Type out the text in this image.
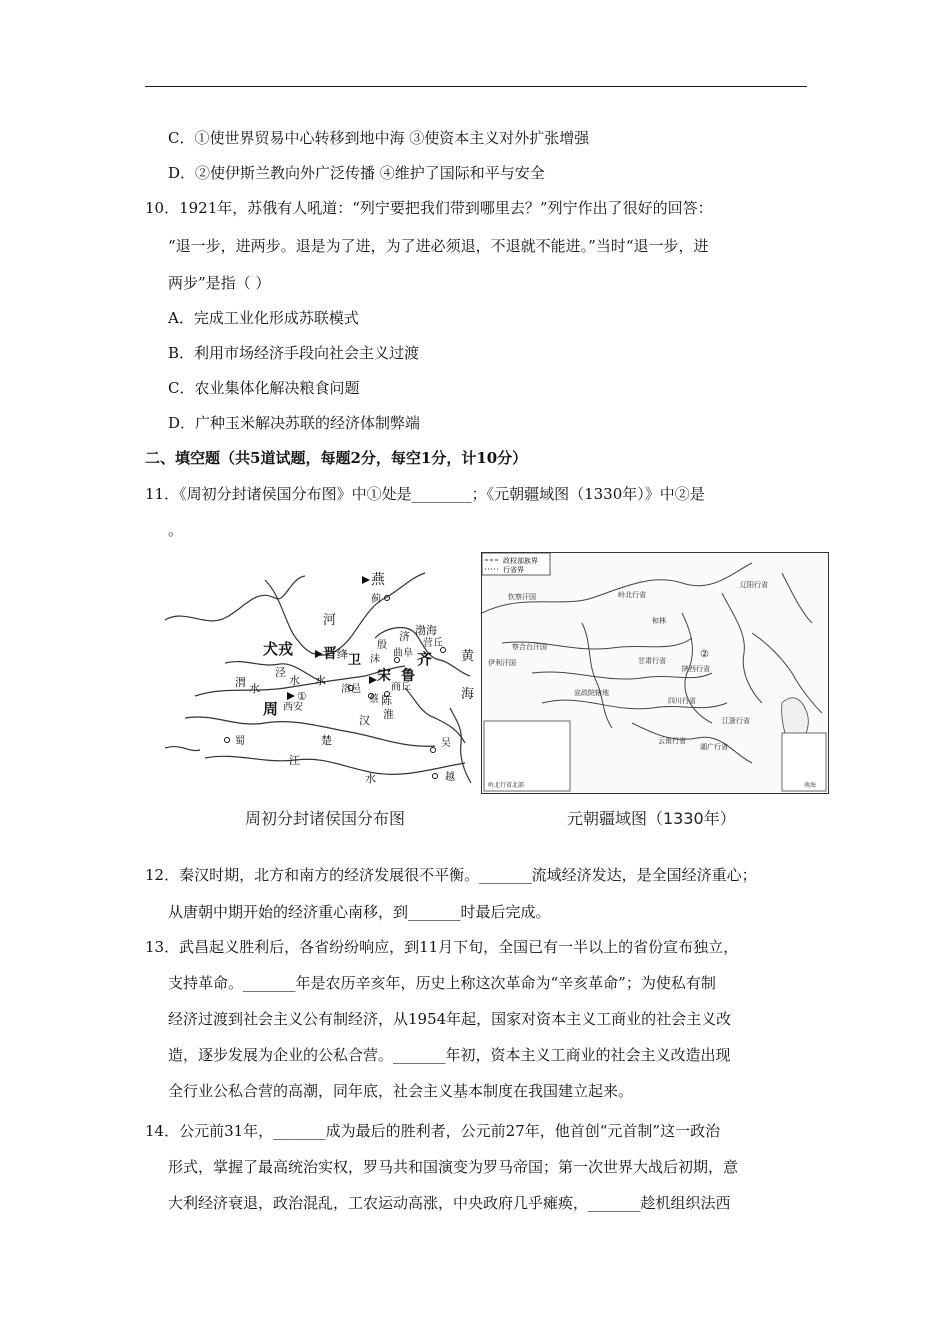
C．①使世界贸易中心转移到地中海 ③使资本主义对外扩张增强
D．②使伊斯兰教向外广泛传播 ④维护了国际和平与安全
10．1921年，苏俄有人吼道：“列宁要把我们带到哪里去？”列宁作出了很好的回答：
“退一步，进两步。退是为了进，为了进必须退，不退就不能进。”当时“退一步，进
两步”是指（ ）
A．完成工业化形成苏联模式
B．利用市场经济手段向社会主义过渡
C．农业集体化解决粮食问题
D．广种玉米解决苏联的经济体制弊端
二、填空题（共5道试题，每题2分，每空1分，计10分）
11．《周初分封诸侯国分布图》中①处是________；《元朝疆域图（1330年）》中②是
。
燕
蓟
渤海
河
犬戎 晋 卫
殷
济
齐
营丘
泾
水
渭 水
水
绛 沬
曲阜
鲁
宋
黄
海
周 西安
洛邑
蔡
商丘
陈
淮
汉
楚
蜀
江
水
吴
越
①
政权部族界
行省界
钦察汗国	岭北行省
和林
察合台汗国
伊利汗国	甘肃行省
陕西行省
宣政院辖地
四川行省
云南行省
湖广行省
江浙行省
辽阳行省
②
岭北行省北部	南海
周初分封诸侯国分布图	元朝疆域图（1330年）
12．秦汉时期，北方和南方的经济发展很不平衡。_______流域经济发达，是全国经济重心；
从唐朝中期开始的经济重心南移，到_______时最后完成。
13．武昌起义胜利后，各省纷纷响应，到11月下旬，全国已有一半以上的省份宣布独立，
支持革命。_______年是农历辛亥年，历史上称这次革命为“辛亥革命”；为使私有制
经济过渡到社会主义公有制经济，从1954年起，国家对资本主义工商业的社会主义改
造，逐步发展为企业的公私合营。_______年初，资本主义工商业的社会主义改造出现
全行业公私合营的高潮，同年底，社会主义基本制度在我国建立起来。
14．公元前31年，_______成为最后的胜利者，公元前27年，他首创“元首制”这一政治
形式，掌握了最高统治实权，罗马共和国演变为罗马帝国；第一次世界大战后初期，意
大利经济衰退，政治混乱，工农运动高涨，中央政府几乎瘫痪，_______趁机组织法西
